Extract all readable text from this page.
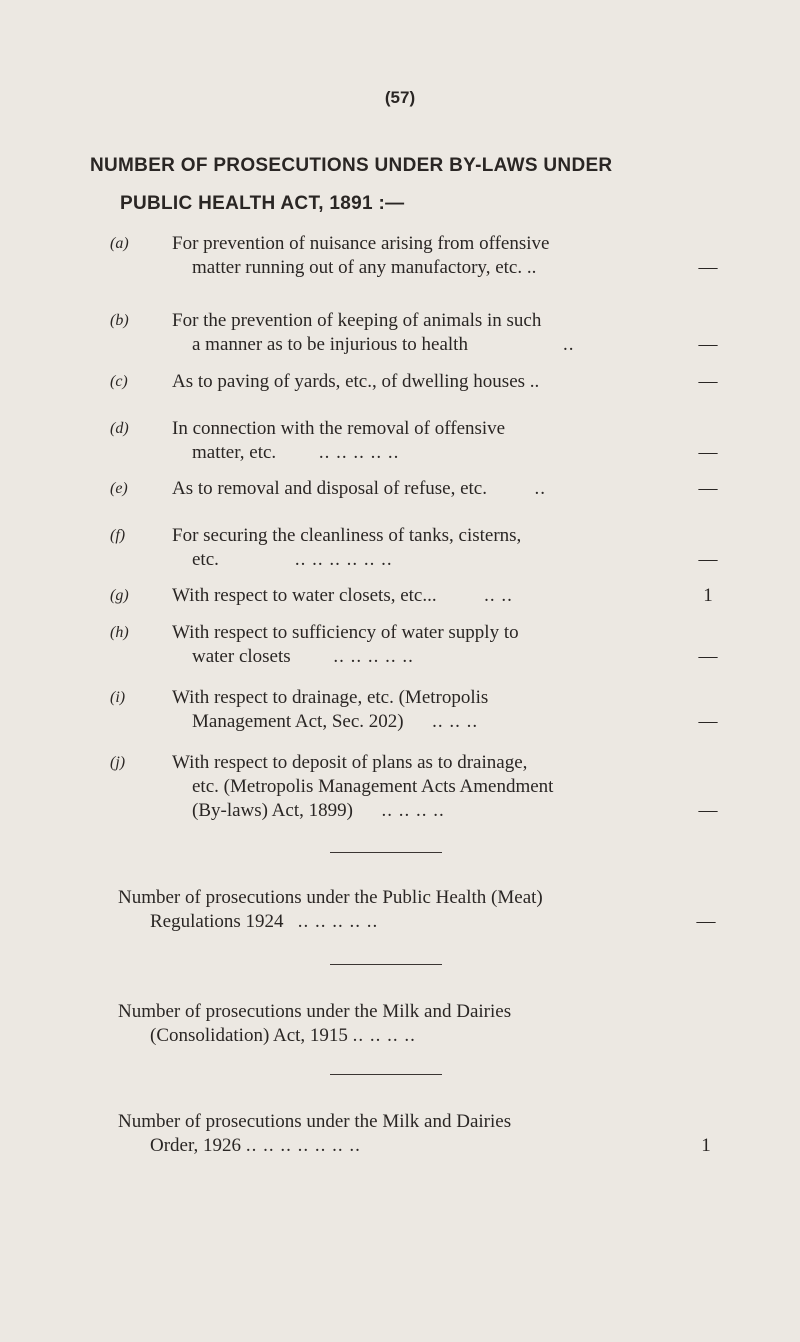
(57)
NUMBER OF PROSECUTIONS UNDER BY-LAWS UNDER
PUBLIC HEALTH ACT, 1891 :—
(a) For prevention of nuisance arising from offensive
matter running out of any manufactory, etc. ..	—
(b) For the prevention of keeping of animals in such
a manner as to be injurious to health	..	—
(c) As to paving of yards, etc., of dwelling houses ..	—
(d) In connection with the removal of offensive
matter, etc. .. .. .. .. ..	—
(e) As to removal and disposal of refuse, etc.	..	—
(f) For securing the cleanliness of tanks, cisterns,
etc.	.. .. .. .. .. ..	—
(g) With respect to water closets, etc...	.. ..	1
(h) With respect to sufficiency of water supply to
water closets .. .. .. .. ..	—
(i) With respect to drainage, etc. (Metropolis
Management Act, Sec. 202) .. .. ..	—
(j) With respect to deposit of plans as to drainage,
etc. (Metropolis Management Acts Amendment
(By-laws) Act, 1899) .. .. .. ..	—
Number of prosecutions under the Public Health (Meat)
Regulations 1924 .. .. .. .. ..	—
Number of prosecutions under the Milk and Dairies
(Consolidation) Act, 1915 .. .. .. ..
Number of prosecutions under the Milk and Dairies
Order, 1926 .. .. .. .. .. .. ..	1
